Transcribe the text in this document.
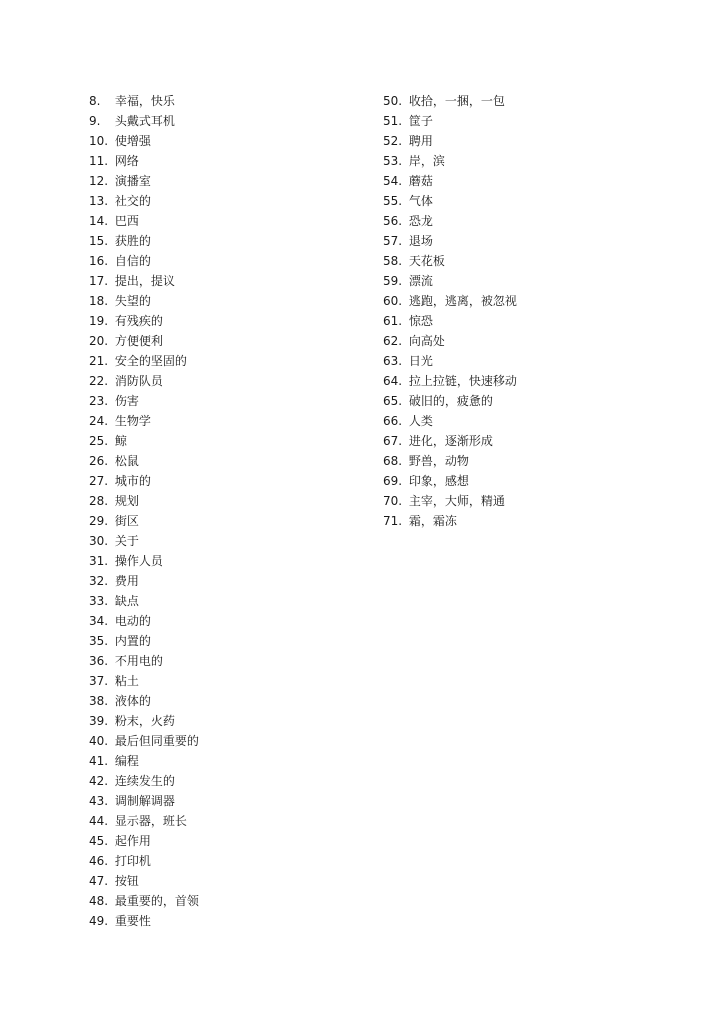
8. 幸福，快乐
9. 头戴式耳机
10. 使增强
11. 网络
12. 演播室
13. 社交的
14. 巴西
15. 获胜的
16. 自信的
17. 提出，提议
18. 失望的
19. 有残疾的
20. 方便便利
21. 安全的坚固的
22. 消防队员
23. 伤害
24. 生物学
25. 鲸
26. 松鼠
27. 城市的
28. 规划
29. 街区
30. 关于
31. 操作人员
32. 费用
33. 缺点
34. 电动的
35. 内置的
36. 不用电的
37. 粘土
38. 液体的
39. 粉末，火药
40. 最后但同重要的
41. 编程
42. 连续发生的
43. 调制解调器
44. 显示器，班长
45. 起作用
46. 打印机
47. 按钮
48. 最重要的，首领
49. 重要性
50. 收拾，一捆，一包
51. 筐子
52. 聘用
53. 岸，滨
54. 蘑菇
55. 气体
56. 恐龙
57. 退场
58. 天花板
59. 漂流
60. 逃跑，逃离，被忽视
61. 惊恐
62. 向高处
63. 日光
64. 拉上拉链，快速移动
65. 破旧的，疲惫的
66. 人类
67. 进化，逐渐形成
68. 野兽，动物
69. 印象，感想
70. 主宰，大师，精通
71. 霜，霜冻
